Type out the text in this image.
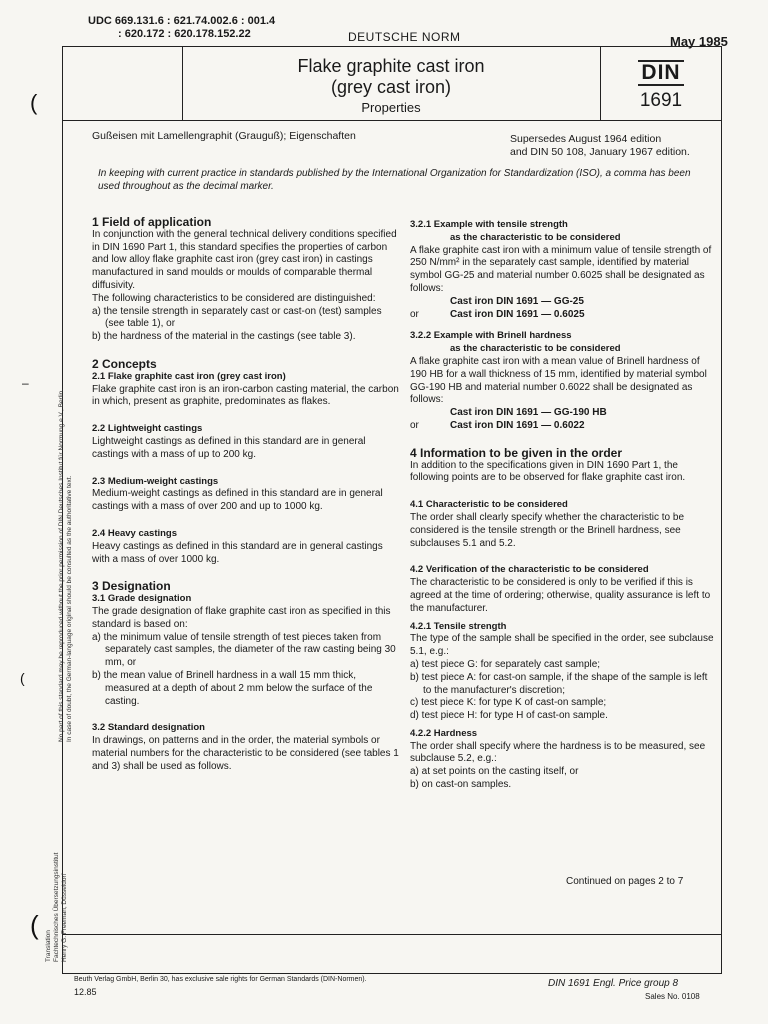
UDC 669.131.6 : 621.74.002.6 : 001.4
: 620.172 : 620.178.152.22	DEUTSCHE NORM	May 1985
Flake graphite cast iron
(grey cast iron)
Properties
DIN
1691
Gußeisen mit Lamellengraphit (Grauguß); Eigenschaften	Supersedes August 1964 edition
and DIN 50 108, January 1967 edition.
In keeping with current practice in standards published by the International Organization for Standardization (ISO), a comma has been used throughout as the decimal marker.

1 Field of application

In conjunction with the general technical delivery conditions specified in DIN 1690 Part 1, this standard specifies the properties of carbon and low alloy flake graphite cast iron (grey cast iron) in castings manufactured in sand moulds or moulds of comparable thermal diffusivity.

The following characteristics to be considered are distinguished:

a) the tensile strength in separately cast or cast-on (test) samples (see table 1), or

b) the hardness of the material in the castings (see table 3).

2 Concepts

2.1 Flake graphite cast iron (grey cast iron)

Flake graphite cast iron is an iron-carbon casting material, the carbon in which, present as graphite, predominates as flakes.

2.2 Lightweight castings

Lightweight castings as defined in this standard are in general castings with a mass of up to 200 kg.

2.3 Medium-weight castings

Medium-weight castings as defined in this standard are in general castings with a mass of over 200 and up to 1000 kg.

2.4 Heavy castings

Heavy castings as defined in this standard are in general castings with a mass of over 1000 kg.

3 Designation

3.1 Grade designation

The grade designation of flake graphite cast iron as specified in this standard is based on:

a) the minimum value of tensile strength of test pieces taken from separately cast samples, the diameter of the raw casting being 30 mm, or

b) the mean value of Brinell hardness in a wall 15 mm thick, measured at a depth of about 2 mm below the surface of the casting.

3.2 Standard designation

In drawings, on patterns and in the order, the material symbols or material numbers for the characteristic to be considered (see tables 1 and 3) shall be used as follows.

3.2.1 Example with tensile strength

as the characteristic to be considered

A flake graphite cast iron with a minimum value of tensile strength of 250 N/mm² in the separately cast sample, identified by material symbol GG-25 and material number 0.6025 shall be designated as follows:

Cast iron DIN 1691 — GG-25

or	Cast iron DIN 1691 — 0.6025

3.2.2 Example with Brinell hardness

as the characteristic to be considered

A flake graphite cast iron with a mean value of Brinell hardness of 190 HB for a wall thickness of 15 mm, identified by material symbol GG-190 HB and material number 0.6022 shall be designated as follows:

Cast iron DIN 1691 — GG-190 HB

or	Cast iron DIN 1691 — 0.6022

4 Information to be given in the order

In addition to the specifications given in DIN 1690 Part 1, the following points are to be observed for flake graphite cast iron.

4.1 Characteristic to be considered

The order shall clearly specify whether the characteristic to be considered is the tensile strength or the Brinell hardness, see subclauses 5.1 and 5.2.

4.2 Verification of the characteristic to be considered

The characteristic to be considered is only to be verified if this is agreed at the time of ordering; otherwise, quality assurance is left to the manufacturer.

4.2.1 Tensile strength

The type of the sample shall be specified in the order, see subclause 5.1, e.g.:

a) test piece G: for separately cast sample;

b) test piece A: for cast-on sample, if the shape of the sample is left to the manufacturer's discretion;

c) test piece K: for type K of cast-on sample;

d) test piece H: for type H of cast-on sample.

4.2.2 Hardness

The order shall specify where the hardness is to be measured, see subclause 5.2, e.g.:

a) at set points on the casting itself, or

b) on cast-on samples.

Continued on pages 2 to 7
No part of this standard may be reproduced without the prior permission of DIN Deutsches Institut für Normung e.V., Berlin. In case of doubt, the German-language original should be consulted as the authoritative text.
Translation Fachtechnisches Übersetzungsinstitut Henry G. Freeman, Düsseldorf
(
(
(
‒
Beuth Verlag GmbH, Berlin 30, has exclusive sale rights for German Standards (DIN-Normen).
12.85
DIN 1691 Engl. Price group 8
Sales No. 0108
